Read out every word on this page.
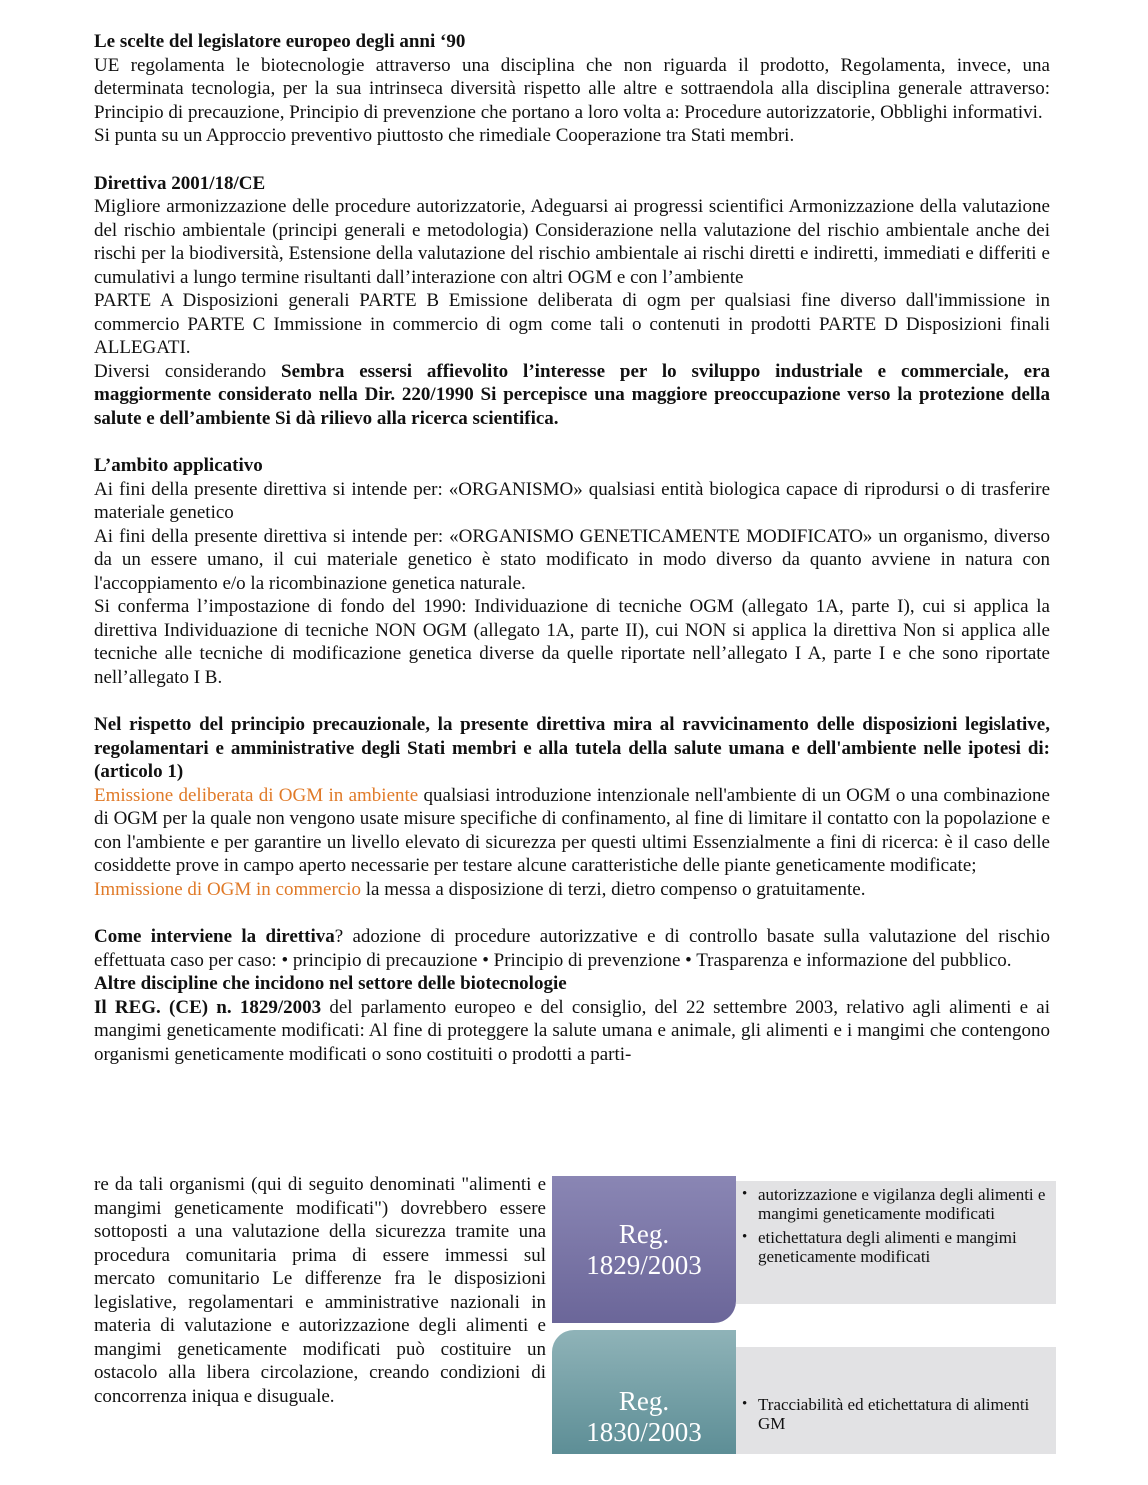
Le scelte del legislatore europeo degli anni ‘90

UE regolamenta le biotecnologie attraverso una disciplina che non riguarda il prodotto, Regolamenta, invece, una determinata tecnologia, per la sua intrinseca diversità rispetto alle altre e sottraendola alla disciplina generale attraverso: Principio di precauzione, Principio di prevenzione che portano a loro volta a: Procedure autorizzatorie, Obblighi informativi.

Si punta su un Approccio preventivo piuttosto che rimediale Cooperazione tra Stati membri.

Direttiva 2001/18/CE

Migliore armonizzazione delle procedure autorizzatorie, Adeguarsi ai progressi scientifici Armonizzazione della valutazione del rischio ambientale (principi generali e metodologia) Considerazione nella valutazione del rischio ambientale anche dei rischi per la biodiversità, Estensione della valutazione del rischio ambientale ai rischi diretti e indiretti, immediati e differiti e cumulativi a lungo termine risultanti dall’interazione con altri OGM e con l’ambiente

PARTE A Disposizioni generali PARTE B Emissione deliberata di ogm per qualsiasi fine diverso dall'immissione in commercio PARTE C Immissione in commercio di ogm come tali o contenuti in prodotti PARTE D Disposizioni finali ALLEGATI.

Diversi considerando Sembra essersi affievolito l’interesse per lo sviluppo industriale e commerciale, era maggiormente considerato nella Dir. 220/1990 Si percepisce una maggiore preoccupazione verso la protezione della salute e dell’ambiente Si dà rilievo alla ricerca scientifica.

L’ambito applicativo

Ai fini della presente direttiva si intende per: «ORGANISMO» qualsiasi entità biologica capace di riprodursi o di trasferire materiale genetico

Ai fini della presente direttiva si intende per: «ORGANISMO GENETICAMENTE MODIFICATO» un organismo, diverso da un essere umano, il cui materiale genetico è stato modificato in modo diverso da quanto avviene in natura con l'accoppiamento e/o la ricombinazione genetica naturale.

Si conferma l’impostazione di fondo del 1990: Individuazione di tecniche OGM (allegato 1A, parte I), cui si applica la direttiva Individuazione di tecniche NON OGM (allegato 1A, parte II), cui NON si applica la direttiva Non si applica alle tecniche alle tecniche di modificazione genetica diverse da quelle riportate nell’allegato I A, parte I e che sono riportate nell’allegato I B.

Nel rispetto del principio precauzionale, la presente direttiva mira al ravvicinamento delle disposizioni legislative, regolamentari e amministrative degli Stati membri e alla tutela della salute umana e dell'ambiente nelle ipotesi di: (articolo 1)

Emissione deliberata di OGM in ambiente qualsiasi introduzione intenzionale nell'ambiente di un OGM o una combinazione di OGM per la quale non vengono usate misure specifiche di confinamento, al fine di limitare il contatto con la popolazione e con l'ambiente e per garantire un livello elevato di sicurezza per questi ultimi Essenzialmente a fini di ricerca: è il caso delle cosiddette prove in campo aperto necessarie per testare alcune caratteristiche delle piante geneticamente modificate;

Immissione di OGM in commercio la messa a disposizione di terzi, dietro compenso o gratuitamente.

Come interviene la direttiva? adozione di procedure autorizzative e di controllo basate sulla valutazione del rischio effettuata caso per caso: • principio di precauzione • Principio di prevenzione • Trasparenza e informazione del pubblico.

Altre discipline che incidono nel settore delle biotecnologie

Il REG. (CE) n. 1829/2003 del parlamento europeo e del consiglio, del 22 settembre 2003, relativo agli alimenti e ai mangimi geneticamente modificati: Al fine di proteggere la salute umana e animale, gli alimenti e i mangimi che contengono organismi geneticamente modificati o sono costituiti o prodotti a parti-

re da tali organismi (qui di seguito denominati "alimenti e mangimi geneticamente modificati") dovrebbero essere sottoposti a una valutazione della sicurezza tramite una procedura comunitaria prima di essere immessi sul mercato comunitario Le differenze fra le disposizioni legislative, regolamentari e amministrative nazionali in materia di valutazione e autorizzazione degli alimenti e mangimi geneticamente modificati può costituire un ostacolo alla libera circolazione, creando condizioni di concorrenza iniqua e disuguale.
• autorizzazione e vigilanza degli alimenti e mangimi geneticamente modificati
• etichettatura degli alimenti e mangimi geneticamente modificati
Reg.
1829/2003
• Tracciabilità ed etichettatura di alimenti GM
Reg.
1830/2003
